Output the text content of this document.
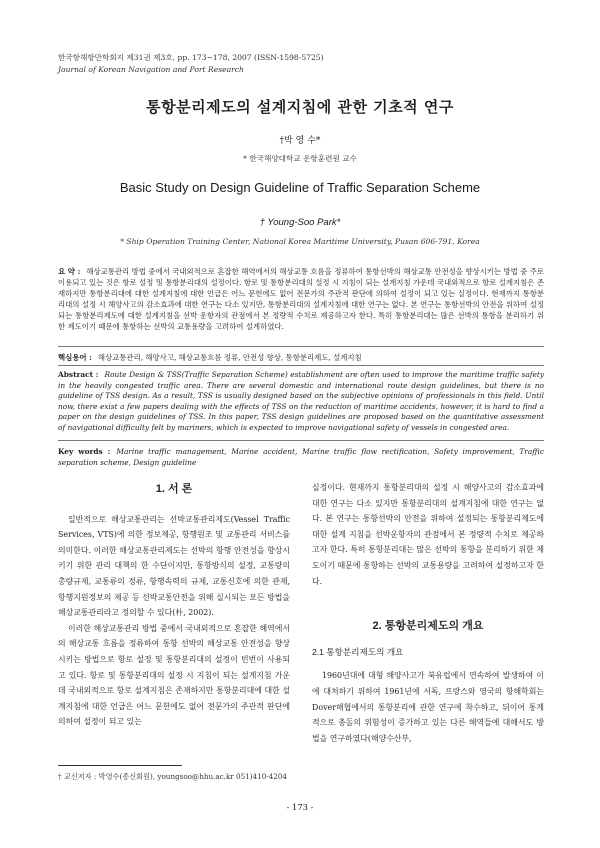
한국항해항만학회지 제31권 제3호, pp. 173~178, 2007 (ISSN-1598-5725)
Journal of Korean Navigation and Port Research
통항분리제도의 설계지침에 관한 기초적 연구
†박 영 수*
* 한국해양대학교 운항훈련원 교수
Basic Study on Design Guideline of Traffic Separation Scheme
† Young-Soo Park*
* Ship Operation Training Center, National Korea Maritime University, Pusan 606-791, Korea
요 약 : 해상교통관리 방법 중에서 국내외적으로 혼잡한 해역에서의 해상교통 흐름을 정류하여 통항선박의 해상교통 안전성을 향상시키는 방법 중 주로 이용되고 있는 것은 항로 설정 및 통항분리대의 설정이다. 항로 및 통항분리대의 설정 시 지침이 되는 설계지침 가운데 국내외적으로 항로 설계지침은 존재하지만 통항분리대에 대한 설계지침에 대한 언급은 어느 문헌에도 없어 전문가의 주관적 판단에 의하여 설정이 되고 있는 실정이다. 현재까지 통항분리대의 설정 시 해양사고의 감소효과에 대한 연구는 다소 있지만, 통항분리대의 설계지침에 대한 연구는 없다. 본 연구는 통항선박의 안전을 위하여 설정되는 통항분리제도에 대한 설계지침을 선박 운항자의 관점에서 본 정량적 수치로 제공하고자 한다. 특히 통항분리대는 많은 선박의 통항을 분리하기 위한 제도이기 때문에 통항하는 선박의 교통용량을 고려하여 설계하였다.
핵심용어 : 해상교통관리, 해양사고, 해상교통흐름 정류, 안전성 향상, 통항분리제도, 설계지침
Abstract : Route Design & TSS(Traffic Separation Scheme) establishment are often used to improve the maritime traffic safety in the heavily congested traffic area. There are several domestic and international route design guidelines, but there is no guideline of TSS design. As a result, TSS is usually designed based on the subjective opinions of professionals in this field. Until now, there exist a few papers dealing with the effects of TSS on the reduction of maritime accidents, however, it is hard to find a paper on the design guidelines of TSS. In this paper, TSS design guidelines are proposed based on the quantitative assessment of navigational difficulty felt by mariners, which is expected to improve navigational safety of vessels in congested area.
Key words : Marine traffic management, Marine accident, Marine traffic flow rectification, Safety improvement, Traffic separation scheme, Design guideline
1. 서 론

일반적으로 해상교통관리는 선박교통관리제도(Vessel Traffic Services, VTS)에 의한 정보제공, 항행원조 및 교통관리 서비스를 의미한다. 이러한 해상교통관리제도는 선박의 항행 안전성을 향상시키기 위한 관리 대책의 한 수단이지만, 통항방식의 설정, 교통량의 총량규제, 교통류의 정류, 항행속력의 규제, 교통신호에 의한 관제, 항행지원정보의 제공 등 선박교통안전을 위해 실시되는 모든 방법을 해상교통관리라고 정의할 수 있다(朴, 2002).

이러한 해상교통관리 방법 중에서 국내외적으로 혼잡한 해역에서의 해상교통 흐름을 정류하여 통항 선박의 해상교통 안전성을 향상시키는 방법으로 항로 설정 및 통항분리대의 설정이 빈번이 사용되고 있다. 항로 및 통항분리대의 설정 시 지침이 되는 설계지침 가운데 국내외적으로 항로 설계지침은 존재하지만 통항분리대에 대한 설계지침에 대한 언급은 어느 문헌에도 없어 전문가의 주관적 판단에 의하여 설정이 되고 있는

실정이다. 현재까지 통항분리대의 설정 시 해양사고의 감소효과에 대한 연구는 다소 있지만 통항분리대의 설계지침에 대한 연구는 없다. 본 연구는 통항선박의 안전을 위하여 설정되는 통항분리제도에 대한 설계 지침을 선박운항자의 관점에서 본 정량적 수치로 제공하고자 한다. 특히 통항분리대는 많은 선박의 통항을 분리하기 위한 제도이기 때문에 통항하는 선박의 교통용량을 고려하여 설정하고자 한다.

2. 통항분리제도의 개요
2.1 통항분리제도의 개요

1960년대에 대형 해양사고가 북유럽에서 연속하여 발생하여 이에 대처하기 위하여 1961년에 서독, 프랑스와 영국의 항해학회는 Dover해협에서의 통항분리에 관한 연구에 착수하고, 뒤이어 통계적으로 충돌의 위험성이 증가하고 있는 다른 해역들에 대해서도 방법을 연구하였다(해양수산부,

† 교신저자 : 박영수(종신회원), youngsoo@hhu.ac.kr 051)410-4204
- 173 -
